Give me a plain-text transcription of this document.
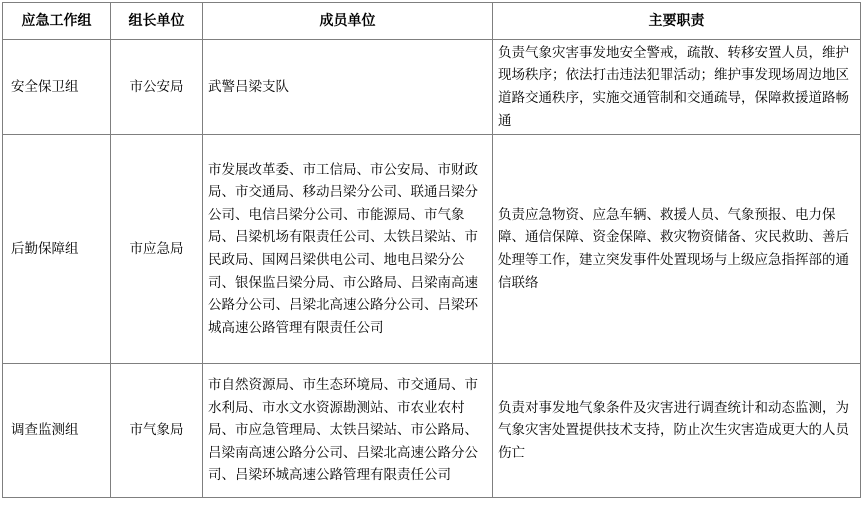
应急工作组	组长单位	成员单位	主要职责
安全保卫组	市公安局	武警吕梁支队	负责气象灾害事发地安全警戒，疏散、转移安置人员，维护现场秩序；依法打击违法犯罪活动；维护事发现场周边地区道路交通秩序，实施交通管制和交通疏导，保障救援道路畅通
后勤保障组	市应急局	市发展改革委、市工信局、市公安局、市财政局、市交通局、移动吕梁分公司、联通吕梁分公司、电信吕梁分公司、市能源局、市气象局、吕梁机场有限责任公司、太铁吕梁站、市民政局、国网吕梁供电公司、地电吕梁分公司、银保监吕梁分局、市公路局、吕梁南高速公路分公司、吕梁北高速公路分公司、吕梁环城高速公路管理有限责任公司	负责应急物资、应急车辆、救援人员、气象预报、电力保障、通信保障、资金保障、救灾物资储备、灾民救助、善后处理等工作，建立突发事件处置现场与上级应急指挥部的通信联络
调查监测组	市气象局	市自然资源局、市生态环境局、市交通局、市水利局、市水文水资源勘测站、市农业农村局、市应急管理局、太铁吕梁站、市公路局、吕梁南高速公路分公司、吕梁北高速公路分公司、吕梁环城高速公路管理有限责任公司	负责对事发地气象条件及灾害进行调查统计和动态监测，为气象灾害处置提供技术支持，防止次生灾害造成更大的人员伤亡
